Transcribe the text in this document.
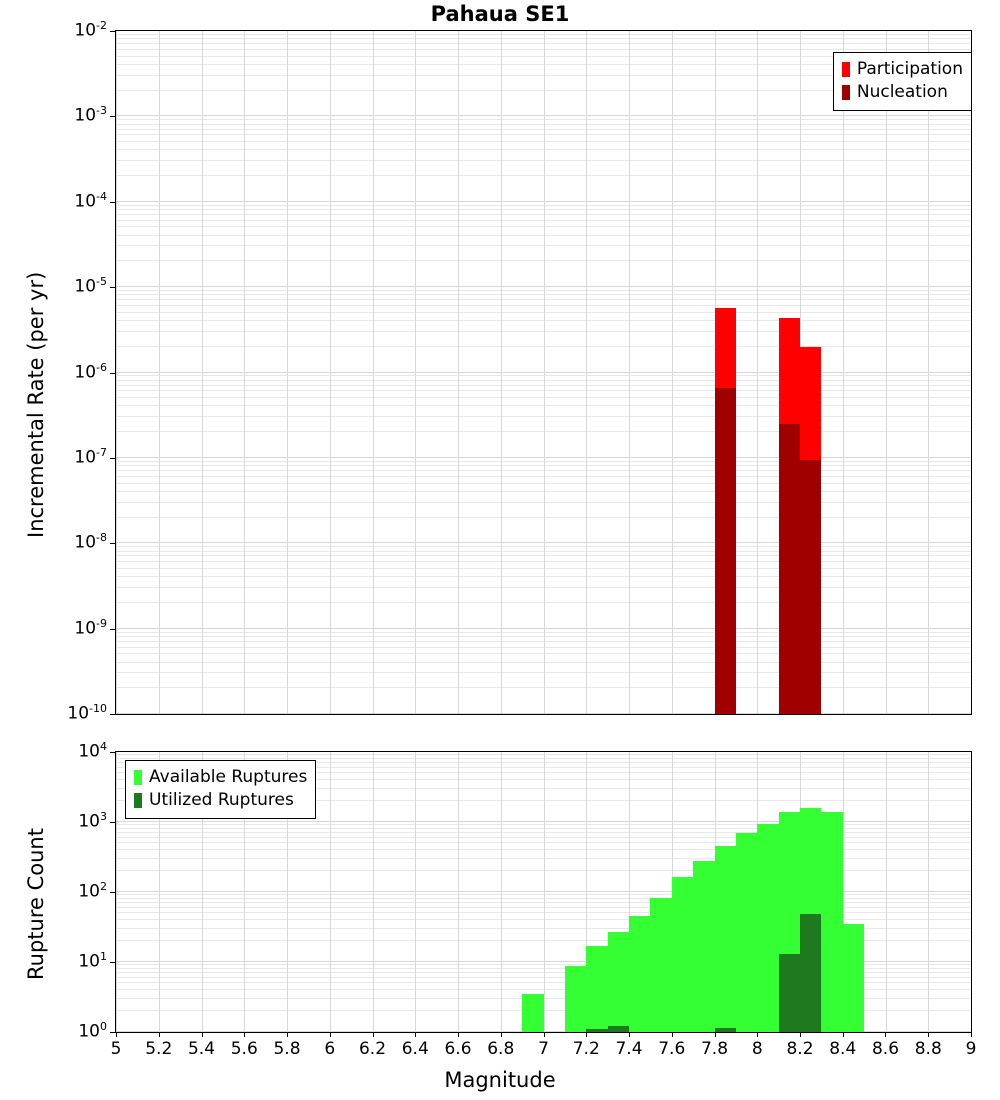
Pahaua SE1
Incremental Rate (per yr)
Rupture Count
Magnitude
Participation
Nucleation
Available Ruptures
Utilized Ruptures
$10^{-10}$
$10^{-9}$
$10^{-8}$
$10^{-7}$
$10^{-6}$
$10^{-5}$
$10^{-4}$
$10^{-3}$
$10^{-2}$
$10^0$
$10^1$
$10^2$
$10^3$
$10^4$
5	5.2 5.4 5.6 5.8	6	6.2 6.4 6.6 6.8	7	7.2 7.4 7.6 7.8	8	8.2 8.4 8.6 8.8	9
